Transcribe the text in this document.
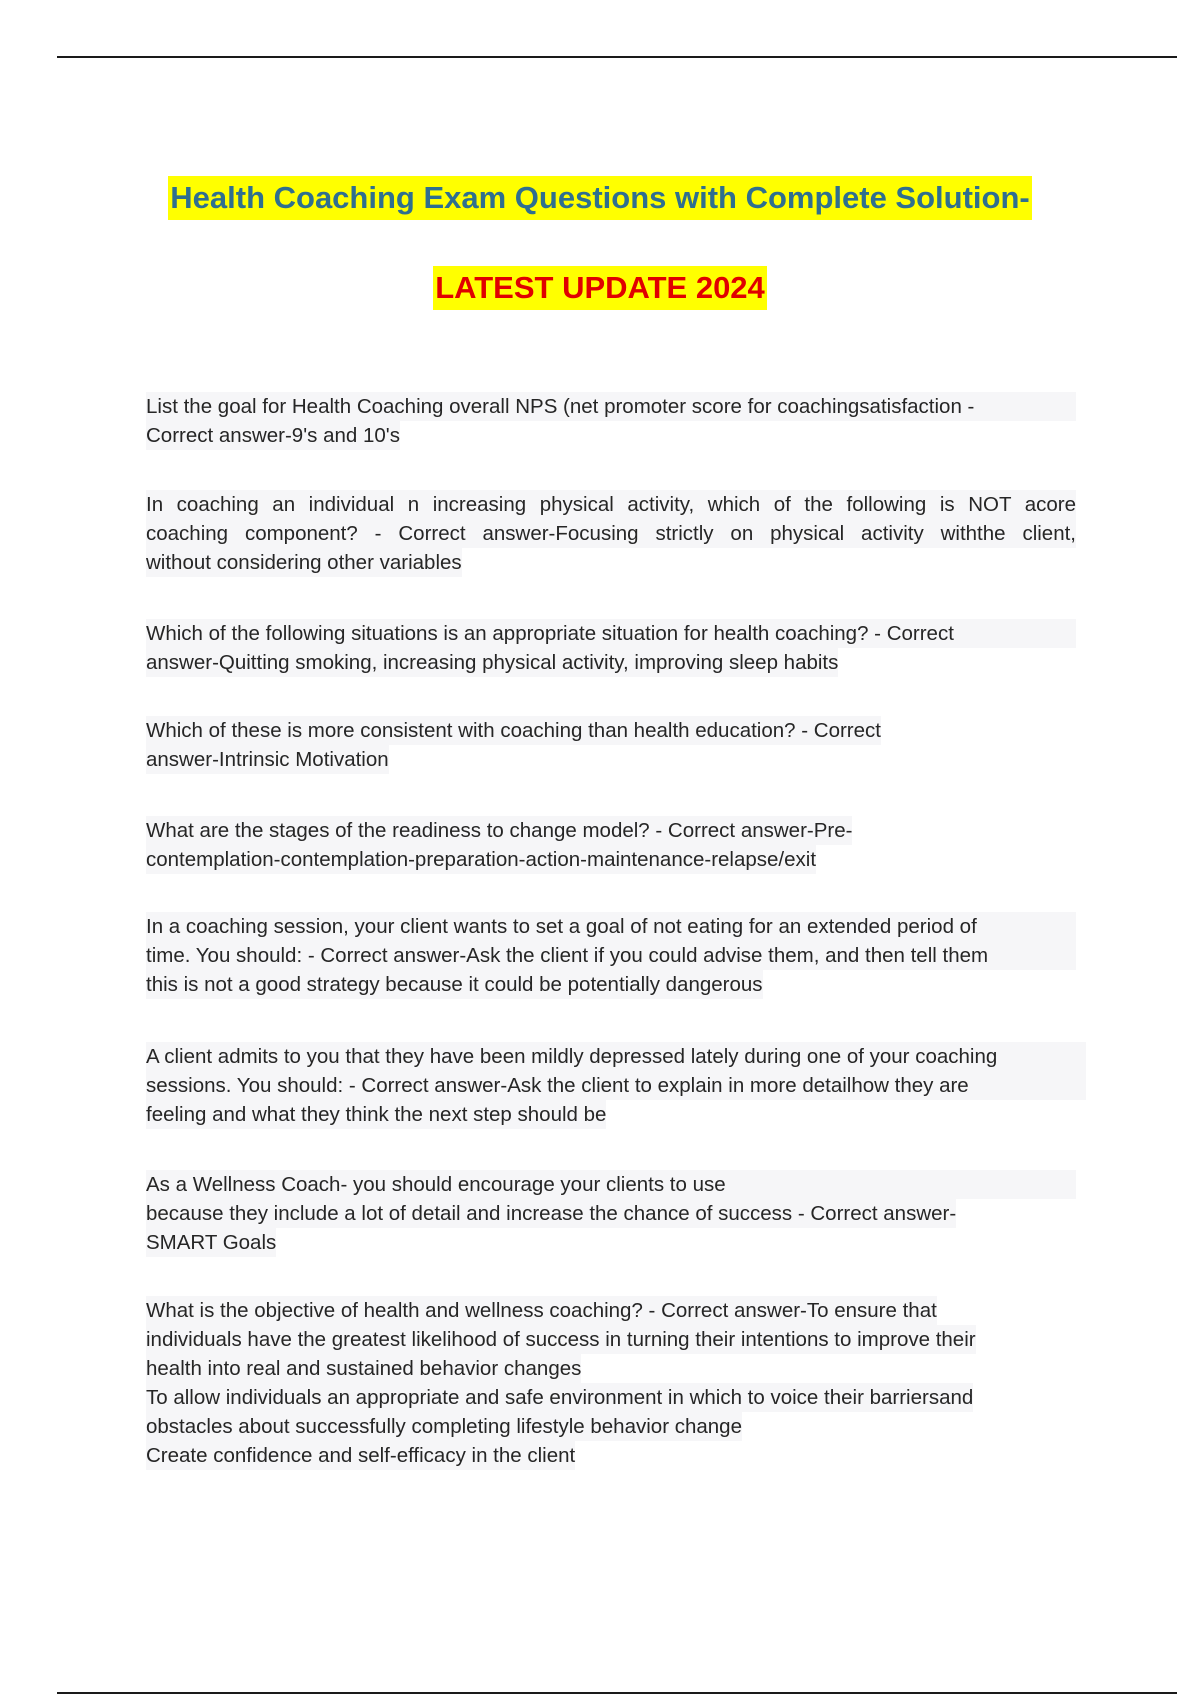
Health Coaching Exam Questions with Complete Solution-
LATEST UPDATE 2024
List the goal for Health Coaching overall NPS (net promoter score for coachingsatisfaction -
Correct answer-9's and 10's
In coaching an individual n increasing physical activity, which of the following is NOT acore
coaching component? - Correct answer-Focusing strictly on physical activity withthe client,
without considering other variables
Which of the following situations is an appropriate situation for health coaching? - Correct
answer-Quitting smoking, increasing physical activity, improving sleep habits
Which of these is more consistent with coaching than health education? - Correct
answer-Intrinsic Motivation
What are the stages of the readiness to change model? - Correct answer-Pre-
contemplation-contemplation-preparation-action-maintenance-relapse/exit
In a coaching session, your client wants to set a goal of not eating for an extended period of
time. You should: - Correct answer-Ask the client if you could advise them, and then tell them
this is not a good strategy because it could be potentially dangerous
A client admits to you that they have been mildly depressed lately during one of your coaching
sessions. You should: - Correct answer-Ask the client to explain in more detailhow they are
feeling and what they think the next step should be
As a Wellness Coach- you should encourage your clients to use
because they include a lot of detail and increase the chance of success - Correct answer-
SMART Goals
What is the objective of health and wellness coaching? - Correct answer-To ensure that
individuals have the greatest likelihood of success in turning their intentions to improve their
health into real and sustained behavior changes
To allow individuals an appropriate and safe environment in which to voice their barriersand
obstacles about successfully completing lifestyle behavior change
Create confidence and self-efficacy in the client
